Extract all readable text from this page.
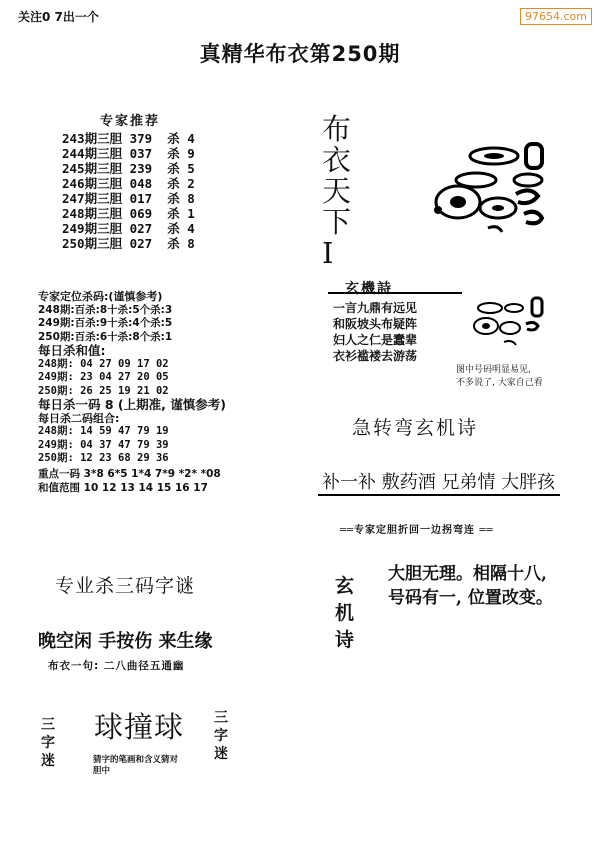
关注0 7出一个	97654.com
真精华布衣第250期
专家推荐
243期三胆 379  杀 4
244期三胆 037  杀 9
245期三胆 239  杀 5
246期三胆 048  杀 2
247期三胆 017  杀 8
248期三胆 069  杀 1
249期三胆 027  杀 4
250期三胆 027  杀 8
专家定位杀码:(谨慎参考)
248期:百杀:8十杀:5个杀:3
249期:百杀:9十杀:4个杀:5
250期:百杀:6十杀:8个杀:1
每日杀和值:
248期: 04 27 09 17 02
249期: 23 04 27 20 05
250期: 26 25 19 21 02
每日杀一码 8 (上期准, 谨慎参考)
每日杀二码组合:
248期: 14 59 47 79 19
249期: 04 37 47 79 39
250期: 12 23 68 29 36
重点一码 3*8 6*5 1*4 7*9 *2* *08
和值范围 10 12 13 14 15 16 17
布
衣
天
下
I
玄機詩
一言九鼎有远见
和阪坡头布疑阵
妇人之仁是蠢辈
衣衫褴褛去游荡
图中号码明显易见,
不多说了, 大家自己看
急转弯玄机诗
补一补 敷药酒 兄弟情 大胖孩
══专家定胆折回一边拐弯连 ══
玄
机
诗
大胆无理。相隔十八,
号码有一, 位置改变。
专业杀三码字谜
晚空闲 手按伤 来生缘
布衣一句: 二八曲径五通幽
三
字
迷
球撞球 三
字
迷
猜字的笔画和含义猜对胆中
